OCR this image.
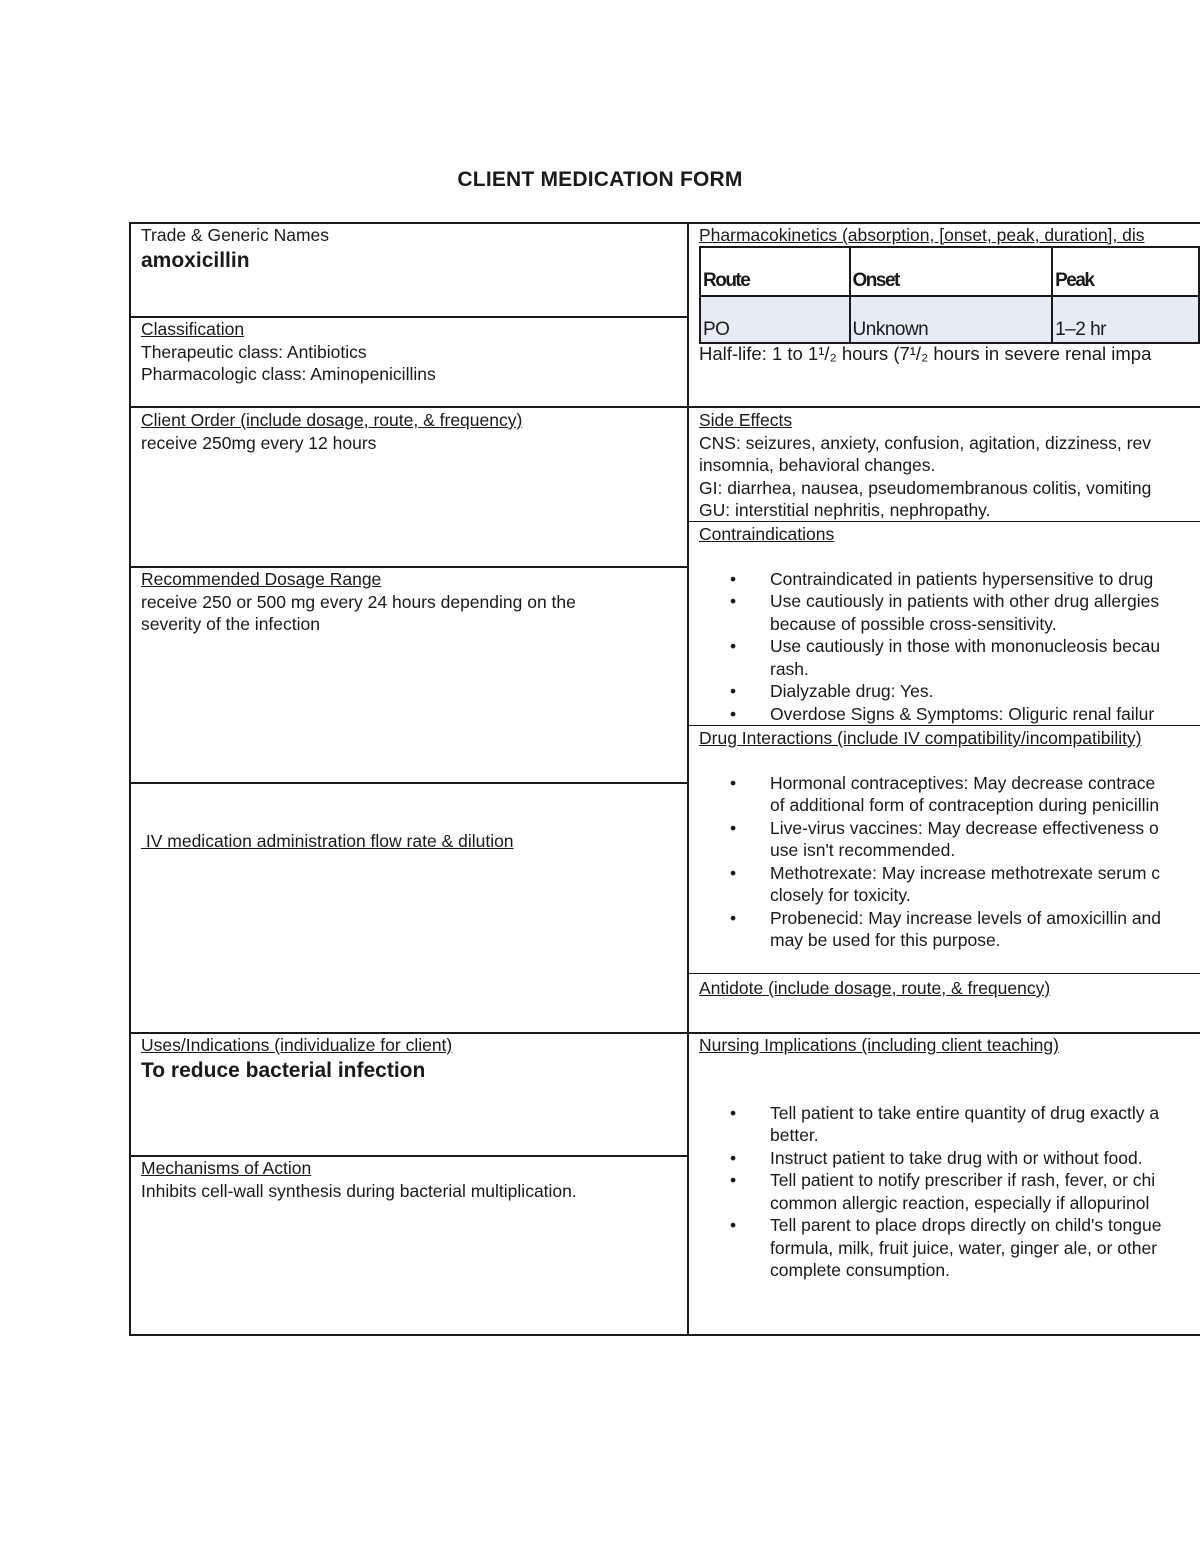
CLIENT MEDICATION FORM
Trade & Generic Names
amoxicillin
Classification
Therapeutic class: Antibiotics
Pharmacologic class: Aminopenicillins
Client Order (include dosage, route, & frequency)
receive 250mg every 12 hours
Recommended Dosage Range
receive 250 or 500 mg every 24 hours depending on the
severity of the infection

IV medication administration flow rate & dilution

Uses/Indications (individualize for client)
To reduce bacterial infection
Mechanisms of Action
Inhibits cell-wall synthesis during bacterial multiplication.
Pharmacokinetics (absorption, [onset, peak, duration], dis
Route	Onset	Peak
PO	Unknown	1–2 hr
Half-life: 1 to 1¹/₂ hours (7¹/₂ hours in severe renal impa
Side Effects
CNS: seizures, anxiety, confusion, agitation, dizziness, rev
insomnia, behavioral changes.
GI: diarrhea, nausea, pseudomembranous colitis, vomiting
GU: interstitial nephritis, nephropathy.
Contraindications
• Contraindicated in patients hypersensitive to drug
• Use cautiously in patients with other drug allergies
because of possible cross-sensitivity.
• Use cautiously in those with mononucleosis becau
rash.
• Dialyzable drug: Yes.
• Overdose Signs & Symptoms: Oliguric renal failur
Drug Interactions (include IV compatibility/incompatibility)
• Hormonal contraceptives: May decrease contrace
of additional form of contraception during penicillin
• Live-virus vaccines: May decrease effectiveness o
use isn't recommended.
• Methotrexate: May increase methotrexate serum c
closely for toxicity.
• Probenecid: May increase levels of amoxicillin and
may be used for this purpose.
Antidote (include dosage, route, & frequency)
Nursing Implications (including client teaching)
• Tell patient to take entire quantity of drug exactly a
better.
• Instruct patient to take drug with or without food.
• Tell patient to notify prescriber if rash, fever, or chi
common allergic reaction, especially if allopurinol
• Tell parent to place drops directly on child's tongue
formula, milk, fruit juice, water, ginger ale, or other
complete consumption.
